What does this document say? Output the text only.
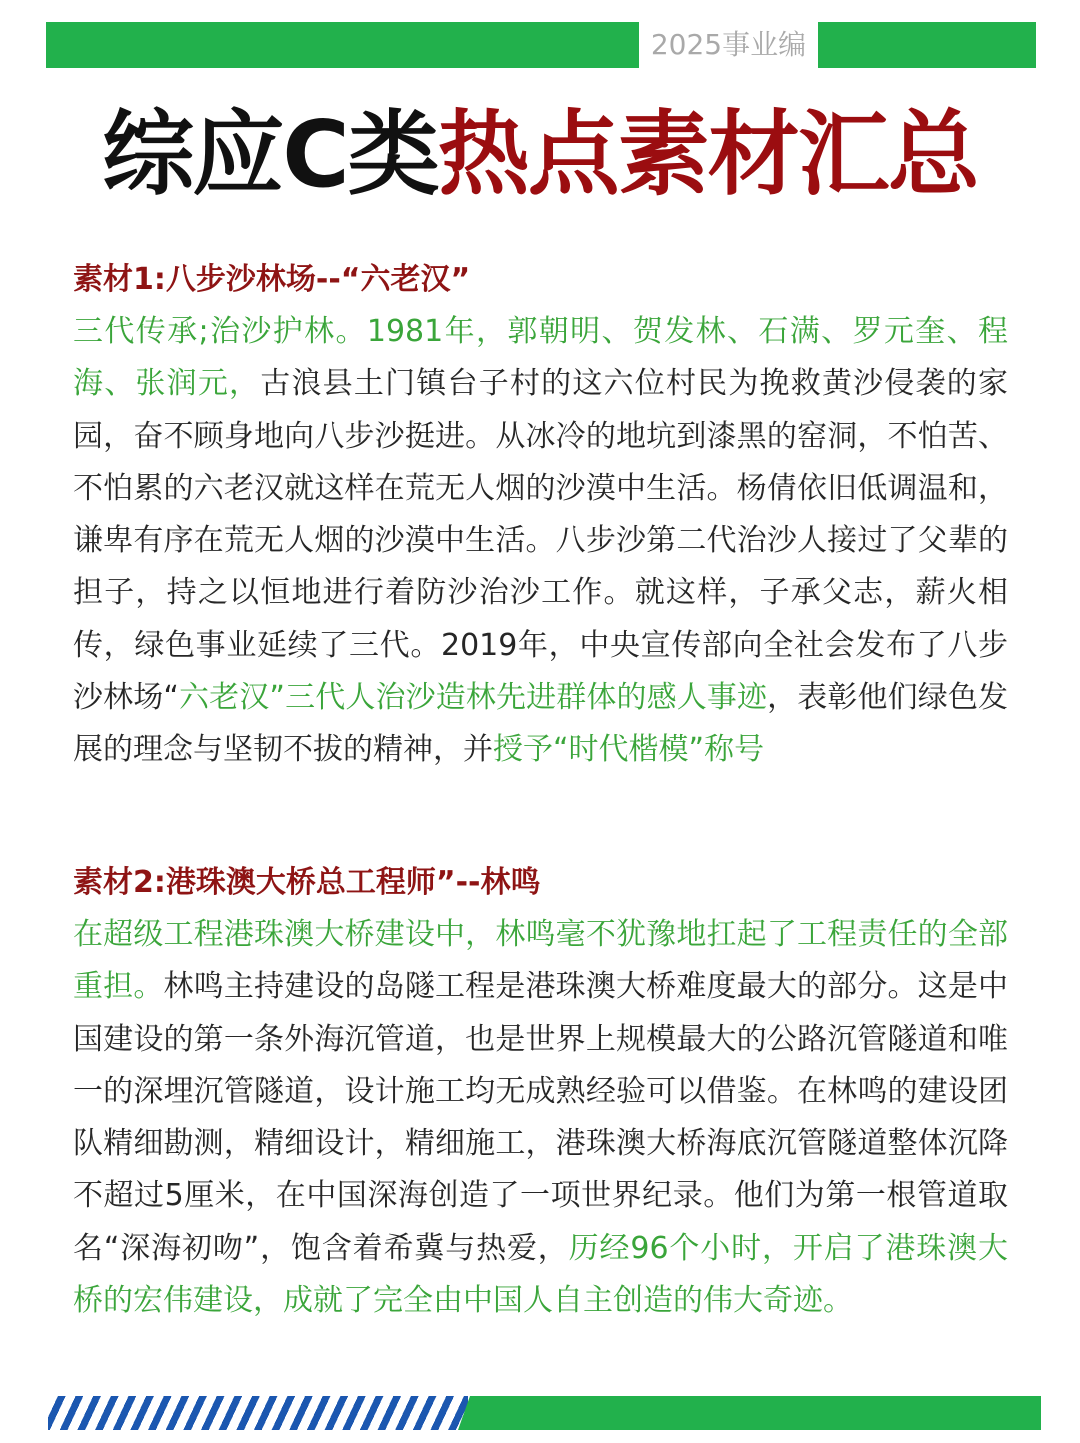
2025事业编
综应C类热点素材汇总

素材1:八步沙林场--“六老汉”

三代传承;治沙护林。1981年，郭朝明、贺发林、石满、罗元奎、程海、张润元，古浪县土门镇台子村的这六位村民为挽救黄沙侵袭的家园，奋不顾身地向八步沙挺进。从冰冷的地坑到漆黑的窑洞，不怕苦、不怕累的六老汉就这样在荒无人烟的沙漠中生活。杨倩依旧低调温和，谦卑有序在荒无人烟的沙漠中生活。八步沙第二代治沙人接过了父辈的担子，持之以恒地进行着防沙治沙工作。就这样，子承父志，薪火相传，绿色事业延续了三代。2019年，中央宣传部向全社会发布了八步沙林场“六老汉”三代人治沙造林先进群体的感人事迹，表彰他们绿色发展的理念与坚韧不拔的精神，并授予“时代楷模”称号

素材2:港珠澳大桥总工程师”--林鸣

在超级工程港珠澳大桥建设中，林鸣毫不犹豫地扛起了工程责任的全部重担。林鸣主持建设的岛隧工程是港珠澳大桥难度最大的部分。这是中国建设的第一条外海沉管道，也是世界上规模最大的公路沉管隧道和唯一的深埋沉管隧道，设计施工均无成熟经验可以借鉴。在林鸣的建设团队精细勘测，精细设计，精细施工，港珠澳大桥海底沉管隧道整体沉降不超过5厘米，在中国深海创造了一项世界纪录。他们为第一根管道取名“深海初吻”，饱含着希冀与热爱，历经96个小时，开启了港珠澳大桥的宏伟建设，成就了完全由中国人自主创造的伟大奇迹。
